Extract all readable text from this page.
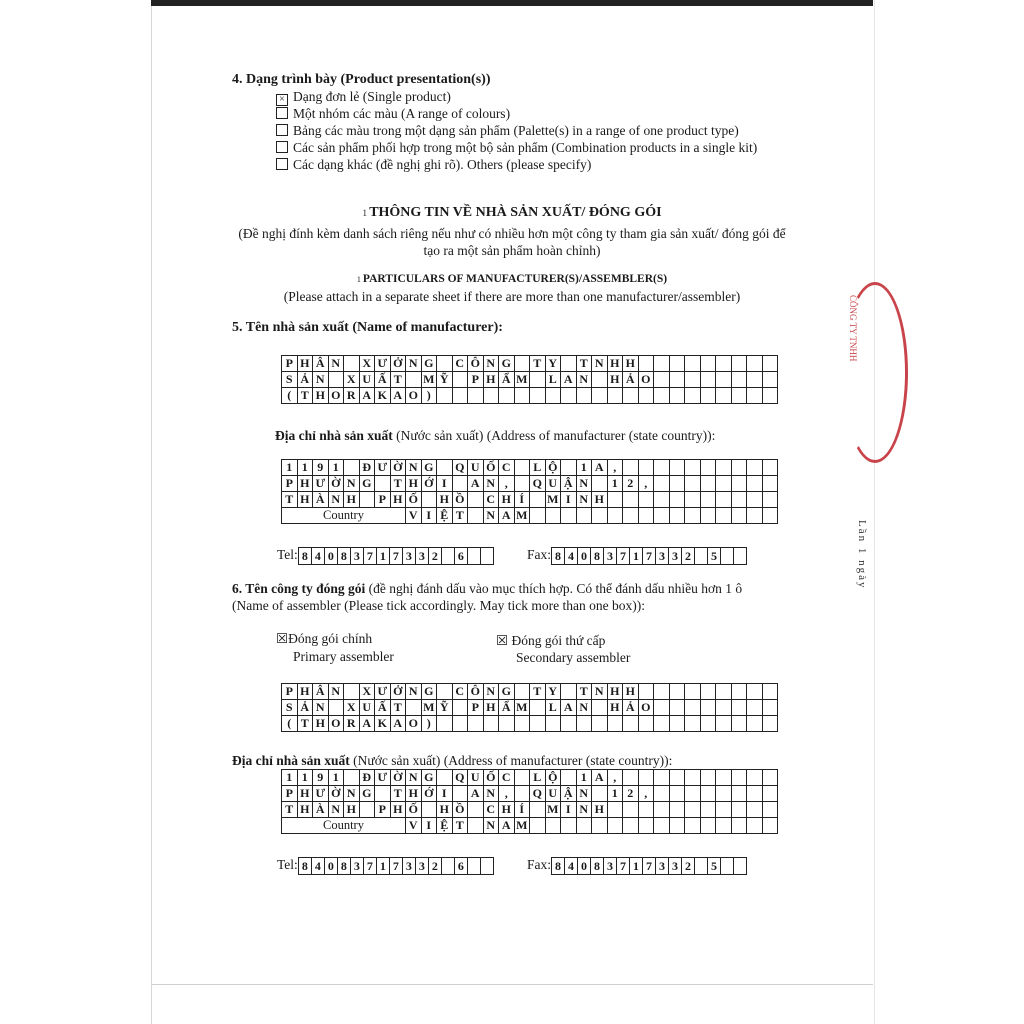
4. Dạng trình bày (Product presentation(s))
× Dạng đơn lẻ (Single product)
Một nhóm các màu (A range of colours)
Bảng các màu trong một dạng sản phẩm (Palette(s) in a range of one product type)
Các sản phẩm phối hợp trong một bộ sản phẩm (Combination products in a single kit)
Các dạng khác (đề nghị ghi rõ). Others (please specify)
1 THÔNG TIN VỀ NHÀ SẢN XUẤT/ ĐÓNG GÓI
(Đề nghị đính kèm danh sách riêng nếu như có nhiều hơn một công ty tham gia sản xuất/ đóng gói để tạo ra một sản phẩm hoàn chỉnh)
1 PARTICULARS OF MANUFACTURER(S)/ASSEMBLER(S)
(Please attach in a separate sheet if there are more than one manufacturer/assembler)
5. Tên nhà sản xuất (Name of manufacturer):
P	H	Â	N		X	Ư	Ở	N	G		C	Ô	N	G		T	Y		T	N	H	H									
S	Ả	N		X	U	Ấ	T		M	Ỹ		P	H	Ẩ	M		L	A	N		H	Ả	O								
(	T	H	O	R	A	K	A	O	)																						
Địa chỉ nhà sản xuất (Nước sản xuất) (Address of manufacturer (state country)):
1	1	9	1		Đ	Ư	Ờ	N	G		Q	U	Ố	C		L	Ộ		1	A	,										
P	H	Ư	Ờ	N	G		T	H	Ớ	I		A	N	,		Q	U	Ậ	N		1	2	,								
T	H	À	N	H		P	H	Ố		H	Ồ		C	H	Í		M	I	N	H											
Country								V	I	Ệ	T		N	A	M																
Tel: 8	4	0	8	3	7	1	7	3	3	2		6			Fax: 8	4	0	8	3	7	1	7	3	3	2		5		
6. Tên công ty đóng gói (đề nghị đánh dấu vào mục thích hợp. Có thể đánh dấu nhiều hơn 1 ô
(Name of assembler (Please tick accordingly. May tick more than one box)):
☒Đóng gói chính
Primary assembler
☒ Đóng gói thứ cấp
Secondary assembler
P	H	Â	N		X	Ư	Ở	N	G		C	Ô	N	G		T	Y		T	N	H	H									
S	Ả	N		X	U	Ấ	T		M	Ỹ		P	H	Ẩ	M		L	A	N		H	Ả	O								
(	T	H	O	R	A	K	A	O	)																						
Địa chỉ nhà sản xuất (Nước sản xuất) (Address of manufacturer (state country)):
1	1	9	1		Đ	Ư	Ờ	N	G		Q	U	Ố	C		L	Ộ		1	A	,										
P	H	Ư	Ờ	N	G		T	H	Ớ	I		A	N	,		Q	U	Ậ	N		1	2	,								
T	H	À	N	H		P	H	Ố		H	Ồ		C	H	Í		M	I	N	H											
Country								V	I	Ệ	T		N	A	M																
Tel: 8	4	0	8	3	7	1	7	3	3	2		6			Fax: 8	4	0	8	3	7	1	7	3	3	2		5		
CÔNG TY TNHH
Lần 1 ngày
